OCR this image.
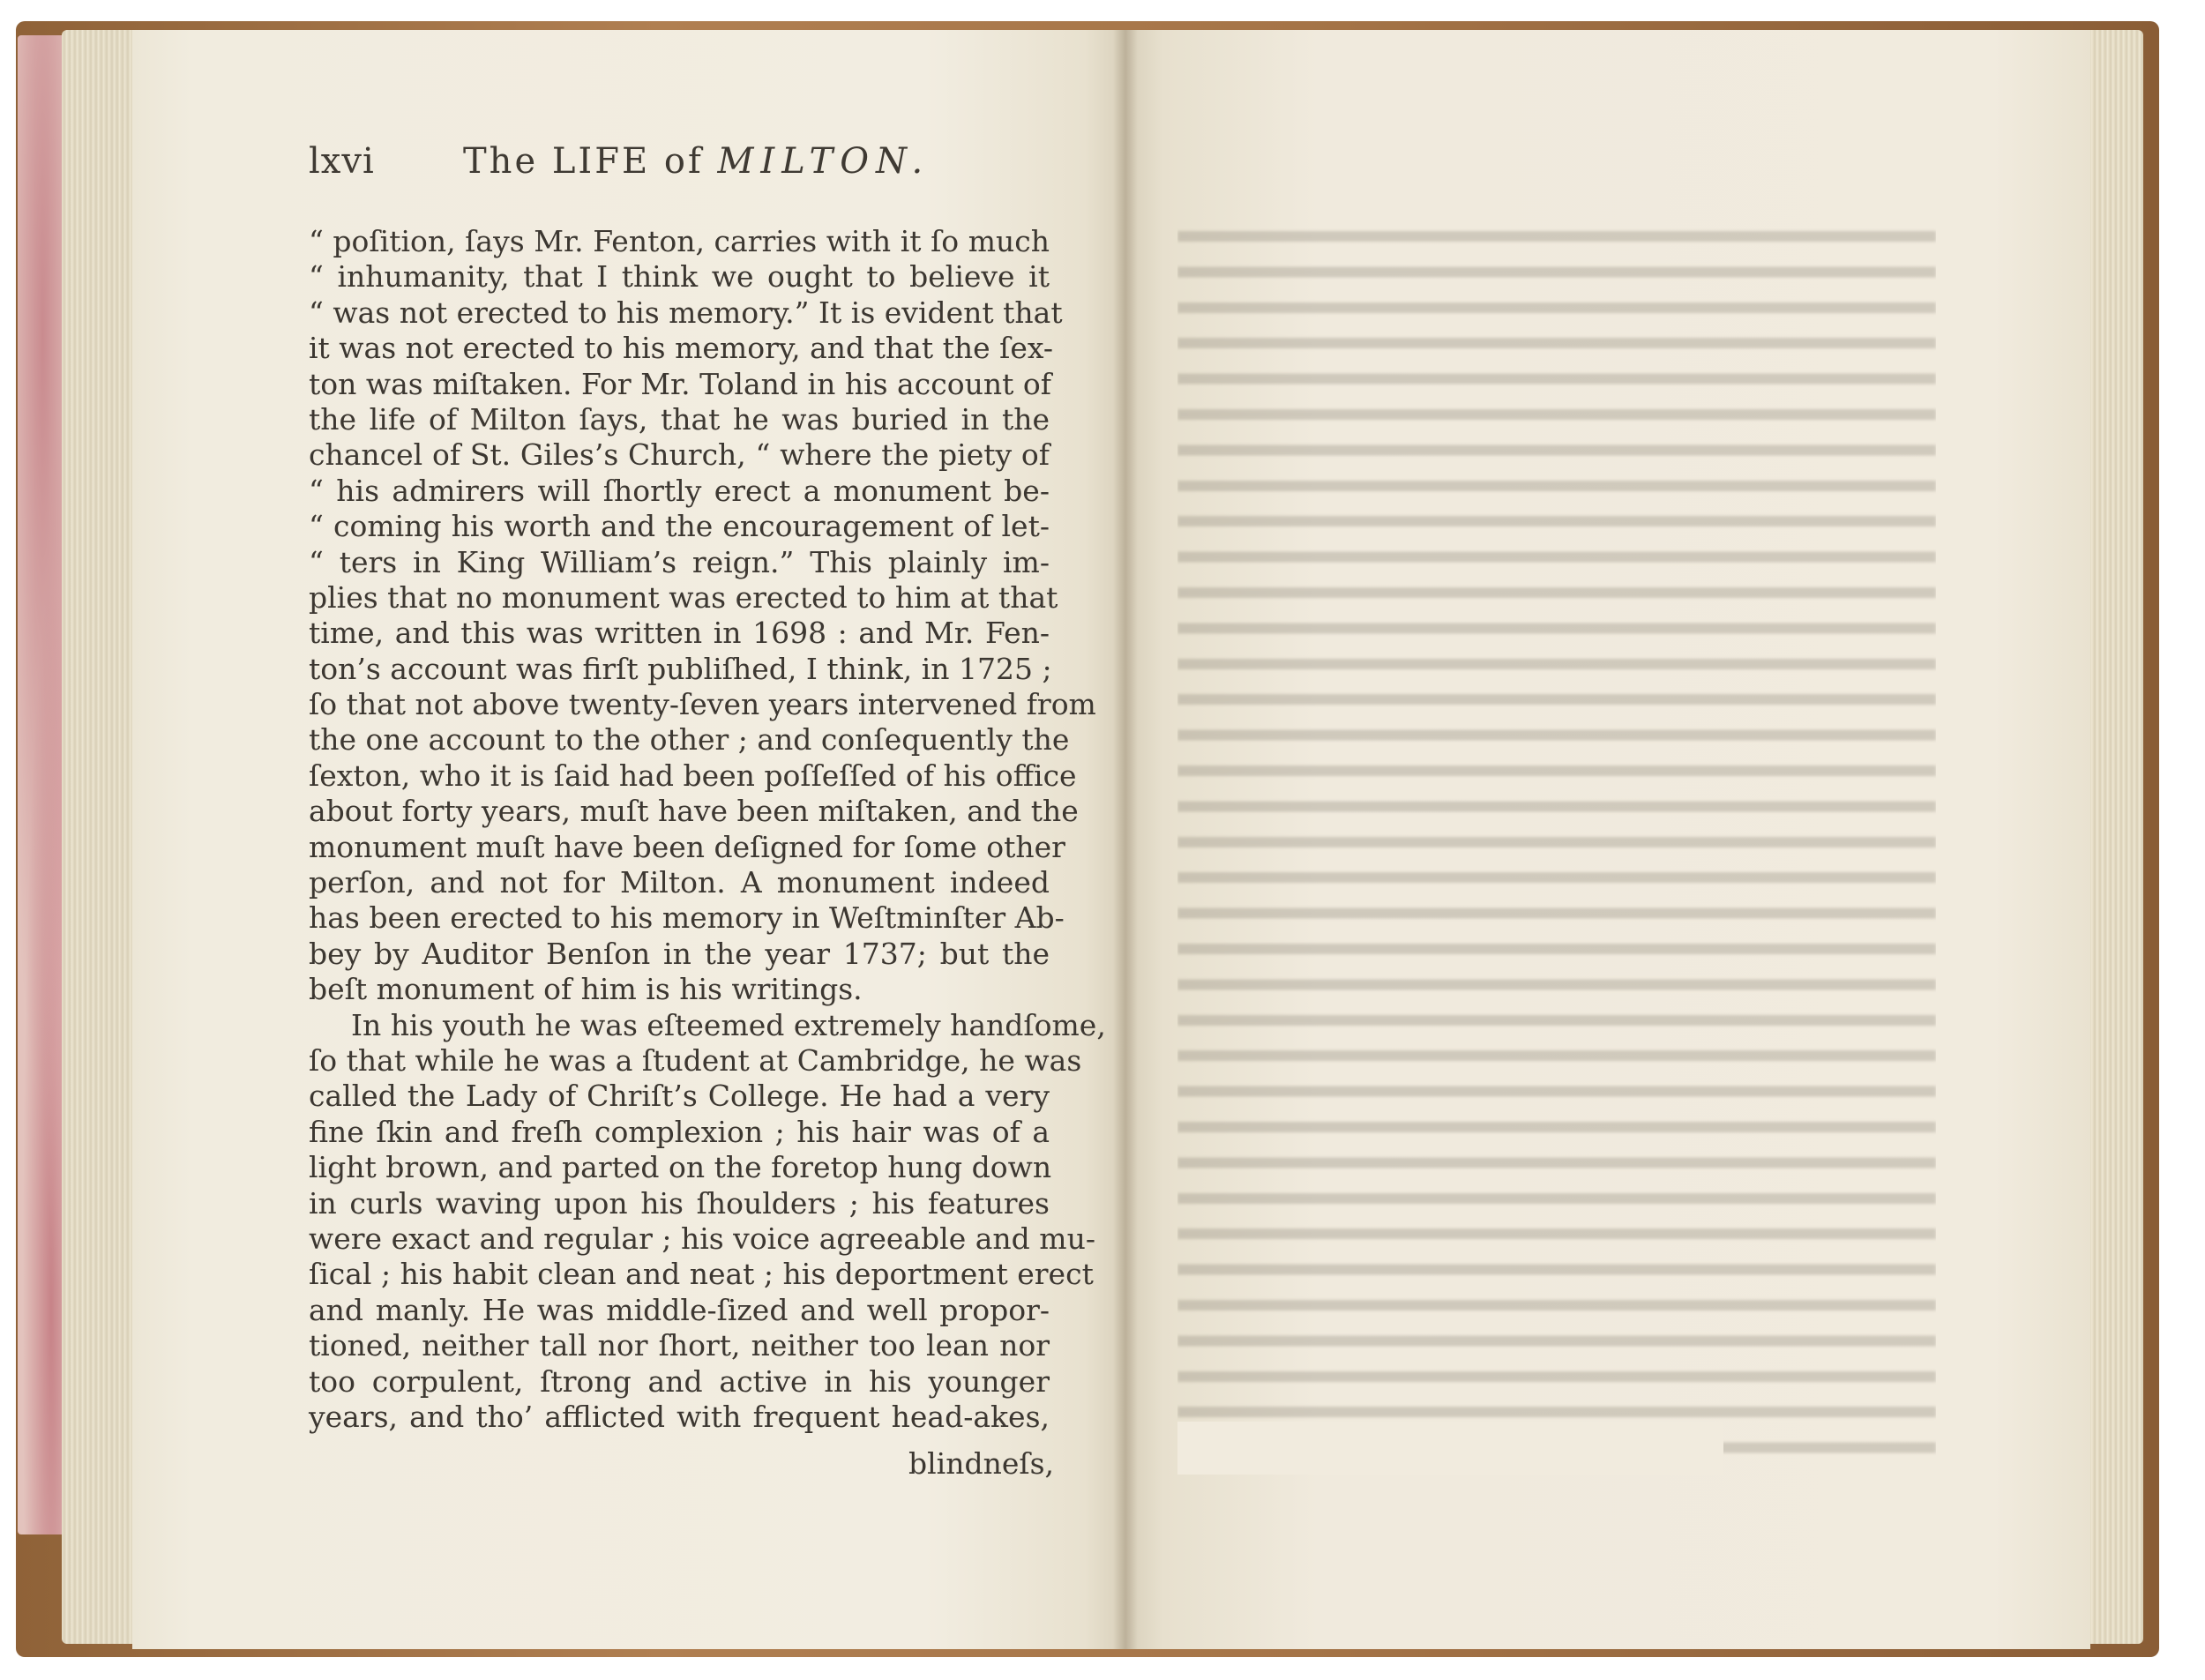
lxvi	The LIFE of MILTON.
“ poſition, ſays Mr. Fenton, carries with it ſo much
“ inhumanity, that I think we ought to believe it
“ was not erected to his memory.” It is evident that
it was not erected to his memory, and that the ſex-
ton was miſtaken. For Mr. Toland in his account of
the life of Milton ſays, that he was buried in the
chancel of St. Giles’s Church, “ where the piety of
“ his admirers will ſhortly erect a monument be-
“ coming his worth and the encouragement of let-
“ ters in King William’s reign.” This plainly im-
plies that no monument was erected to him at that
time, and this was written in 1698 : and Mr. Fen-
ton’s account was firſt publiſhed, I think, in 1725 ;
ſo that not above twenty-ſeven years intervened from
the one account to the other ; and conſequently the
ſexton, who it is ſaid had been poſſeſſed of his office
about forty years, muſt have been miſtaken, and the
monument muſt have been deſigned for ſome other
perſon, and not for Milton. A monument indeed
has been erected to his memory in Weſtminſter Ab-
bey by Auditor Benſon in the year 1737; but the
beſt monument of him is his writings.
In his youth he was eſteemed extremely handſome,
ſo that while he was a ſtudent at Cambridge, he was
called the Lady of Chriſt’s College. He had a very
fine ſkin and freſh complexion ; his hair was of a
light brown, and parted on the foretop hung down
in curls waving upon his ſhoulders ; his features
were exact and regular ; his voice agreeable and mu-
ſical ; his habit clean and neat ; his deportment erect
and manly. He was middle-ſized and well propor-
tioned, neither tall nor ſhort, neither too lean nor
too corpulent, ſtrong and active in his younger
years, and tho’ afflicted with frequent head-akes,
blindneſs,
